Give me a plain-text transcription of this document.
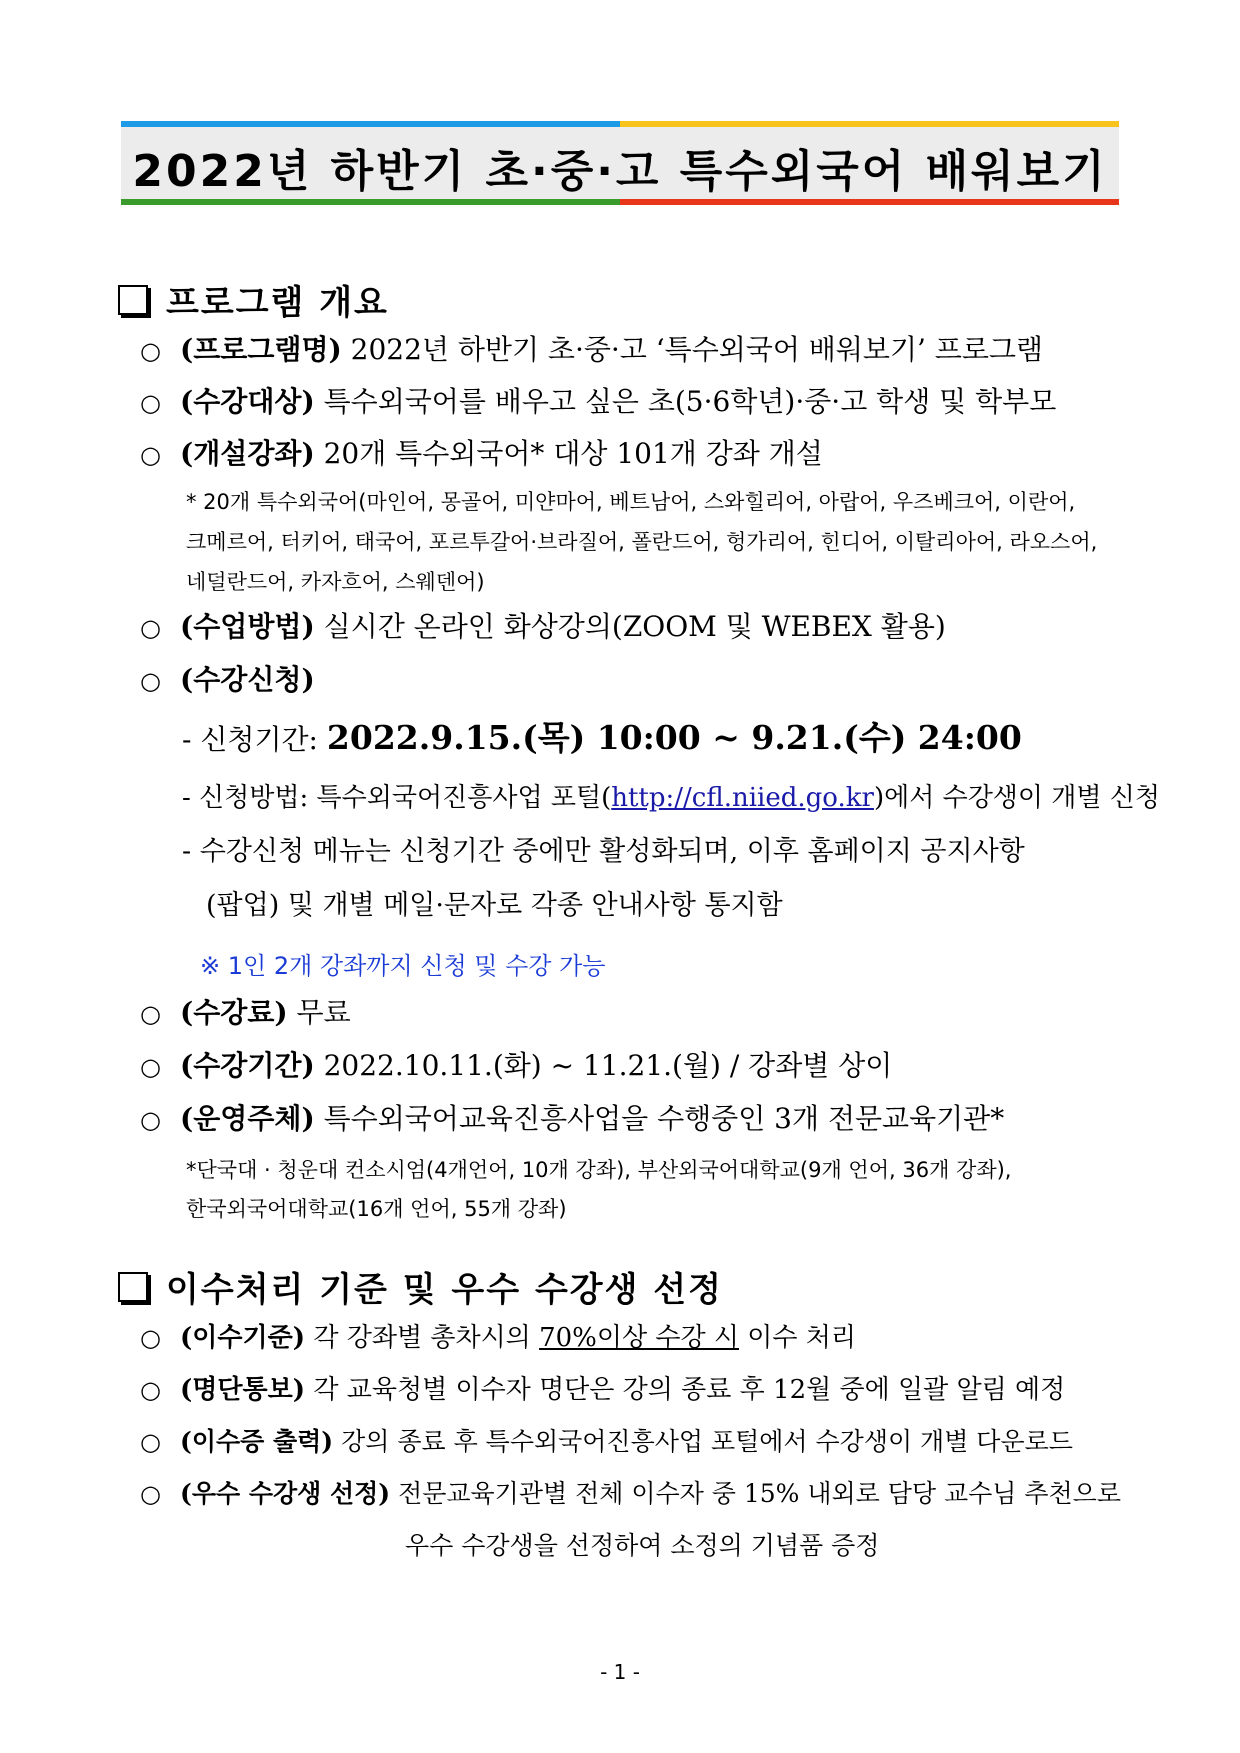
2022년 하반기 초·중·고 특수외국어 배워보기
프로그램 개요
○ (프로그램명) 2022년 하반기 초·중·고 ‘특수외국어 배워보기’ 프로그램
○ (수강대상) 특수외국어를 배우고 싶은 초(5·6학년)·중·고 학생 및 학부모
○ (개설강좌) 20개 특수외국어* 대상 101개 강좌 개설
* 20개 특수외국어(마인어, 몽골어, 미얀마어, 베트남어, 스와힐리어, 아랍어, 우즈베크어, 이란어,
크메르어, 터키어, 태국어, 포르투갈어·브라질어, 폴란드어, 헝가리어, 힌디어, 이탈리아어, 라오스어,
네덜란드어, 카자흐어, 스웨덴어)
○ (수업방법) 실시간 온라인 화상강의(ZOOM 및 WEBEX 활용)
○ (수강신청)
- 신청기간: 2022.9.15.(목) 10:00 ~ 9.21.(수) 24:00
- 신청방법: 특수외국어진흥사업 포털(http://cfl.niied.go.kr)에서 수강생이 개별 신청
- 수강신청 메뉴는 신청기간 중에만 활성화되며, 이후 홈페이지 공지사항
(팝업) 및 개별 메일·문자로 각종 안내사항 통지함
※ 1인 2개 강좌까지 신청 및 수강 가능
○ (수강료) 무료
○ (수강기간) 2022.10.11.(화) ~ 11.21.(월) / 강좌별 상이
○ (운영주체) 특수외국어교육진흥사업을 수행중인 3개 전문교육기관*
*단국대 · 청운대 컨소시엄(4개언어, 10개 강좌), 부산외국어대학교(9개 언어, 36개 강좌),
한국외국어대학교(16개 언어, 55개 강좌)
이수처리 기준 및 우수 수강생 선정
○ (이수기준) 각 강좌별 총차시의 70%이상 수강 시 이수 처리
○ (명단통보) 각 교육청별 이수자 명단은 강의 종료 후 12월 중에 일괄 알림 예정
○ (이수증 출력) 강의 종료 후 특수외국어진흥사업 포털에서 수강생이 개별 다운로드
○ (우수 수강생 선정) 전문교육기관별 전체 이수자 중 15% 내외로 담당 교수님 추천으로
우수 수강생을 선정하여 소정의 기념품 증정
- 1 -
